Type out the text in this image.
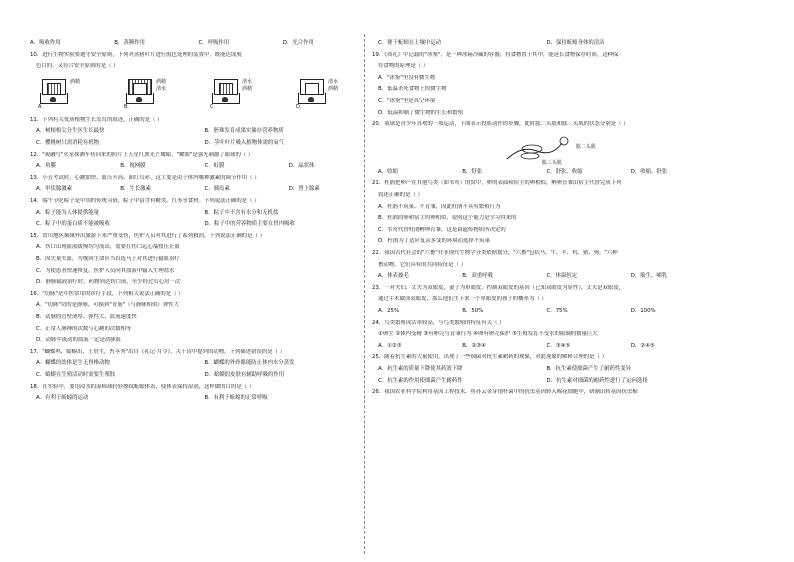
A．吸收作用	B．蒸腾作用	C．呼吸作用	D．光合作用
10．进行生物实验要遵守安全原则，下列对蒸猪叶片进行脱色处理的装置中，既能达成脱
色目的，又符合安全原则的是（ ）
酒精
A．
酒精
清水
B．
清水
酒精
C．
清水
酒精
D．
11．下列有关优质植物生长发育的叙述，正确的是（ ）
A．树根根尖分生区生长最快	B．胚珠发育成果实储存营养物质
C．樱桃树只需消耗有机物	D．茎叶叶片吸入植物体需的氧气
12．"祝融号"火星探测车传回来的照片上五星红旗光芒耀眼，"耀眼"是强光刺激了眼球的（ ）
A．角膜	B．视网膜	C．虹膜	D．晶状体
13．小芳考试时，心跳加快、血压升高、面红耳赤，这主要是由于体内哪种激素的调节作用（ ）
A．甲状腺激素	B．生长激素	C．胰岛素	D．肾上腺素
14．端午节吃粽子是中国的传统习俗，粽子中富含有糖类、红枣等食材。下列说法正确的是（ ）
A．粽子能为人体提供能量	B．粽子中不含有水分和无机盐
C．粽子中的蛋白质不能被吸收	D．粽子中的营养物质主要在胃内吸收
15．贫川地区频频外出旅游下来严重受伤，医护人员对其进行了系列救治，下列说法正确的是（ ）
A．伤口出现血液缓慢均匀流出，需要在伤口远心端按压止血
B．因失量失血，为挽回生命应当首选马上对其进行输血治疗
C．为使患者快速恢复，医护人员向其血液中输入生理盐水
D．静脉输液治疗时，药物到达伤口前，至少经过右心房一次
16．"切脉"是中医常用的诊疗手段，下列相关说法正确的是（ ）
A．"切脉"切的是静脉，可摸到"青筋"（与静脉相似）弹性大
B．动脉的管壁薄厚、弹性大，血流速度快
C．正常人脉搏的次数与心跳的次数相等
D．动脉中流动的血液一定是动脉血
17．"蝴蝶鸣，蛤蟆出，土贵生，苔茎秀"出自《礼记·月令》，关于诗中提到的动物，下列描述错误的是（ ）
A．蝴蝶的幼体是生无脊椎动物	B．蝴蝶的外骨骼能防止体内水分蒸发
C．蛤蟆在生殖活动时需要生殖肢	D．蛤蟆的皮肤有辅助呼吸的作用
18．在实验中，要用浸水的湿棉球轻轻擦拭蚯蚓体表，使体表保持湿润，这样做的目的是（ ）
A．有利于蚯蚓的运动	B．有利于蚯蚓的正常呼吸
C．便于蚯蚓在土壤中运动	D．保持蚯蚓身体的清洁
19．《周礼》中记载的"冰鉴"，是一种冰箱冷藏的容器，将食物置于其中，能延长食物保存时间。这种保
存食物的原理是（ ）
A．"冰鉴"里没有微生物
B．低温杀死食物上的微生物
C．"冰鉴"里是真空环境
D．低温抑制了微生物的生长和繁殖
20．篮球是青少年喜欢的一项运动，下图表示投篮动作的步骤，此时肱二头肌和肱三头肌的状态分别是（ ）
肱二头肌
肱三头肌
A．收缩	B．舒张	C．舒张、收缩	D．收缩、舒张
21．杜鹃把卵产在其他鸟类（如苇莺）的窝中，卵的表面和宿主的卵相似，孵卵育雏由宿主代替完成下列
叙述正确的是（ ）
A．杜鹃不筑巢、不育雏，因此杜鹃不具有繁殖行为
B．杜鹃的卵和宿主的卵相似，说明这个能力是学习得来的
C．苇莺代替杜鹃孵卵育雏，这是由遗传物质所决定的
D．杜鹃为了适应复杂多变的环境而选择不筑巢
22．我国古代社会的"六畜"并非现代生物学分类依据划分，"六畜"包括马、牛、羊、鸡、猪、狗。"六种
畜动物，它们具有的共同特征是（ ）
A．体表被毛	B．双重呼吸	C．体温恒定	D．胎生、哺乳
23．一对夫妇，丈夫为双眼皮，妻子为单眼皮，控制双眼皮的基因（已知双眼皮为显性），丈夫是双眼皮，
通过手术做成双眼皮，那么他们生下来一个单眼皮的孩子的概率为（ ）
A．25%	B．50%	C．75%	D．100%
24．鸟类繁殖成活率较高，与鸟类繁殖的特征有关（ ）
①卵生 ②体内受精 ③有卵壳与育雏行为 ④卵有卵壳保护 ⑤生殖发育不受水的限制的数量巨大
A．①②③	B．②③④	C．③④⑤	D．②④⑤
25．随着抗生素的大量使用，出现了一些细菌对抗生素耐药的现象，对此现象的解释合理的是（ ）
A．抗生素的质量下降使其药效下降	B．抗生素使细菌产生了耐药性变异
C．抗生素的作用使细菌产生耐药性	D．抗生素对细菌的耐药性进行了定向选择
26．我国农业科学院利用基因工程技术，将苏云金芽孢杆菌中的抗虫基因转入棉花细胞中，研制出转基因抗虫棉
